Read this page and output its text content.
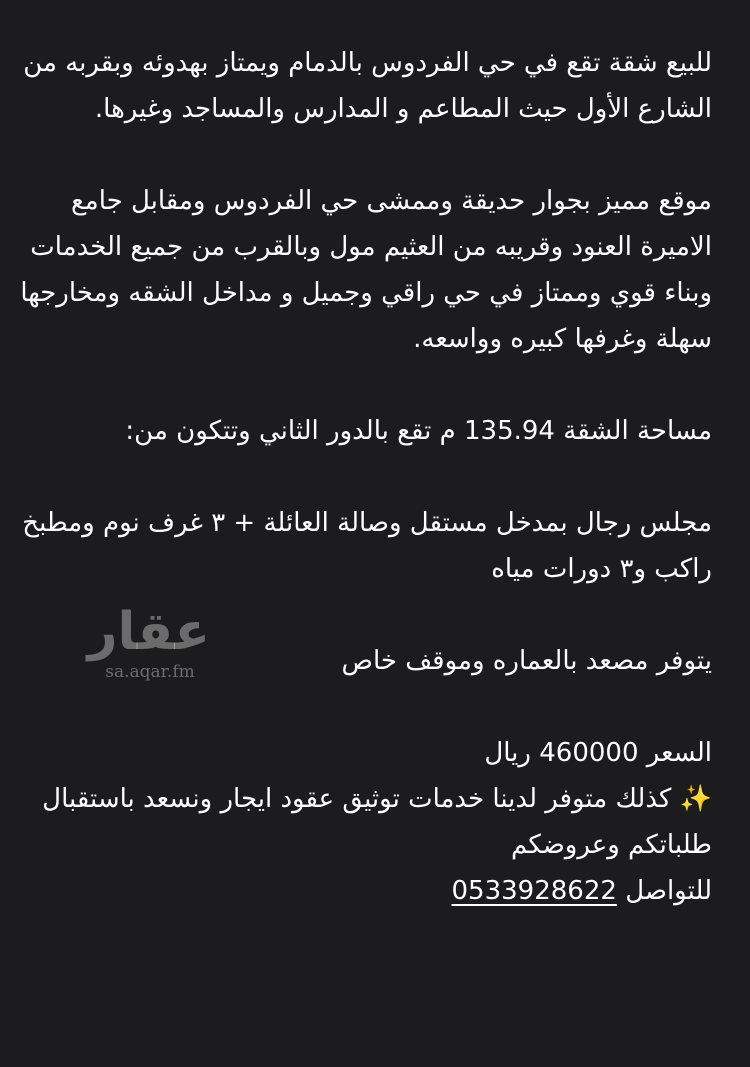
للبيع شقة تقع في حي الفردوس بالدمام ويمتاز بهدوئه وبقربه من
الشارع الأول حيث المطاعم و المدارس والمساجد وغيرها.
موقع مميز بجوار حديقة وممشى حي الفردوس ومقابل جامع
الاميرة العنود وقريبه من العثيم مول وبالقرب من جميع الخدمات
وبناء قوي وممتاز في حي راقي وجميل و مداخل الشقه ومخارجها
سهلة وغرفها كبيره وواسعه.
مساحة الشقة 135.94 م تقع بالدور الثاني وتتكون من:
مجلس رجال بمدخل مستقل وصالة العائلة + ٣ غرف نوم ومطبخ
راكب و٣ دورات مياه
يتوفر مصعد بالعماره وموقف خاص
السعر 460000 ريال
✨ كذلك متوفر لدينا خدمات توثيق عقود ايجار ونسعد باستقبال
طلباتكم وعروضكم
للتواصل 0533928622
عقار
sa.aqar.fm
